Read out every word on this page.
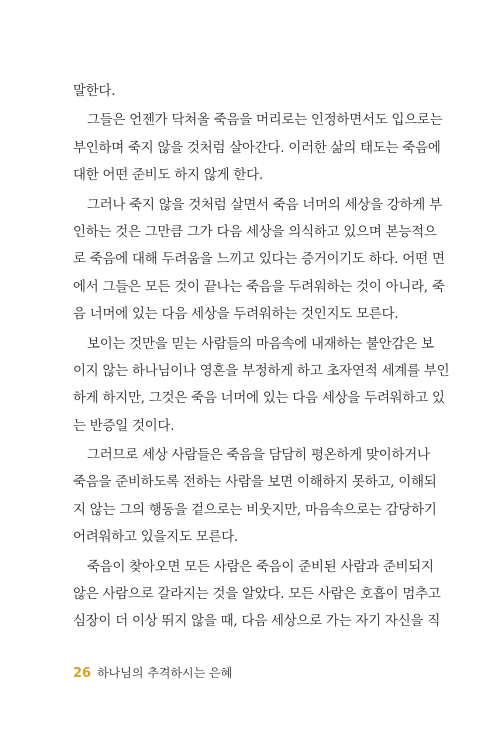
말한다.
그들은 언젠가 닥쳐올 죽음을 머리로는 인정하면서도 입으로는
부인하며 죽지 않을 것처럼 살아간다. 이러한 삶의 태도는 죽음에
대한 어떤 준비도 하지 않게 한다.
그러나 죽지 않을 것처럼 살면서 죽음 너머의 세상을 강하게 부
인하는 것은 그만큼 그가 다음 세상을 의식하고 있으며 본능적으
로 죽음에 대해 두려움을 느끼고 있다는 증거이기도 하다. 어떤 면
에서 그들은 모든 것이 끝나는 죽음을 두려워하는 것이 아니라, 죽
음 너머에 있는 다음 세상을 두려워하는 것인지도 모른다.
보이는 것만을 믿는 사람들의 마음속에 내재하는 불안감은 보
이지 않는 하나님이나 영혼을 부정하게 하고 초자연적 세계를 부인
하게 하지만, 그것은 죽음 너머에 있는 다음 세상을 두려워하고 있
는 반증일 것이다.
그러므로 세상 사람들은 죽음을 담담히 평온하게 맞이하거나
죽음을 준비하도록 전하는 사람을 보면 이해하지 못하고, 이해되
지 않는 그의 행동을 겉으로는 비웃지만, 마음속으로는 감당하기
어려워하고 있을지도 모른다.
죽음이 찾아오면 모든 사람은 죽음이 준비된 사람과 준비되지
않은 사람으로 갈라지는 것을 알았다. 모든 사람은 호흡이 멈추고
심장이 더 이상 뛰지 않을 때, 다음 세상으로 가는 자기 자신을 직
26 하나님의 추격하시는 은혜
